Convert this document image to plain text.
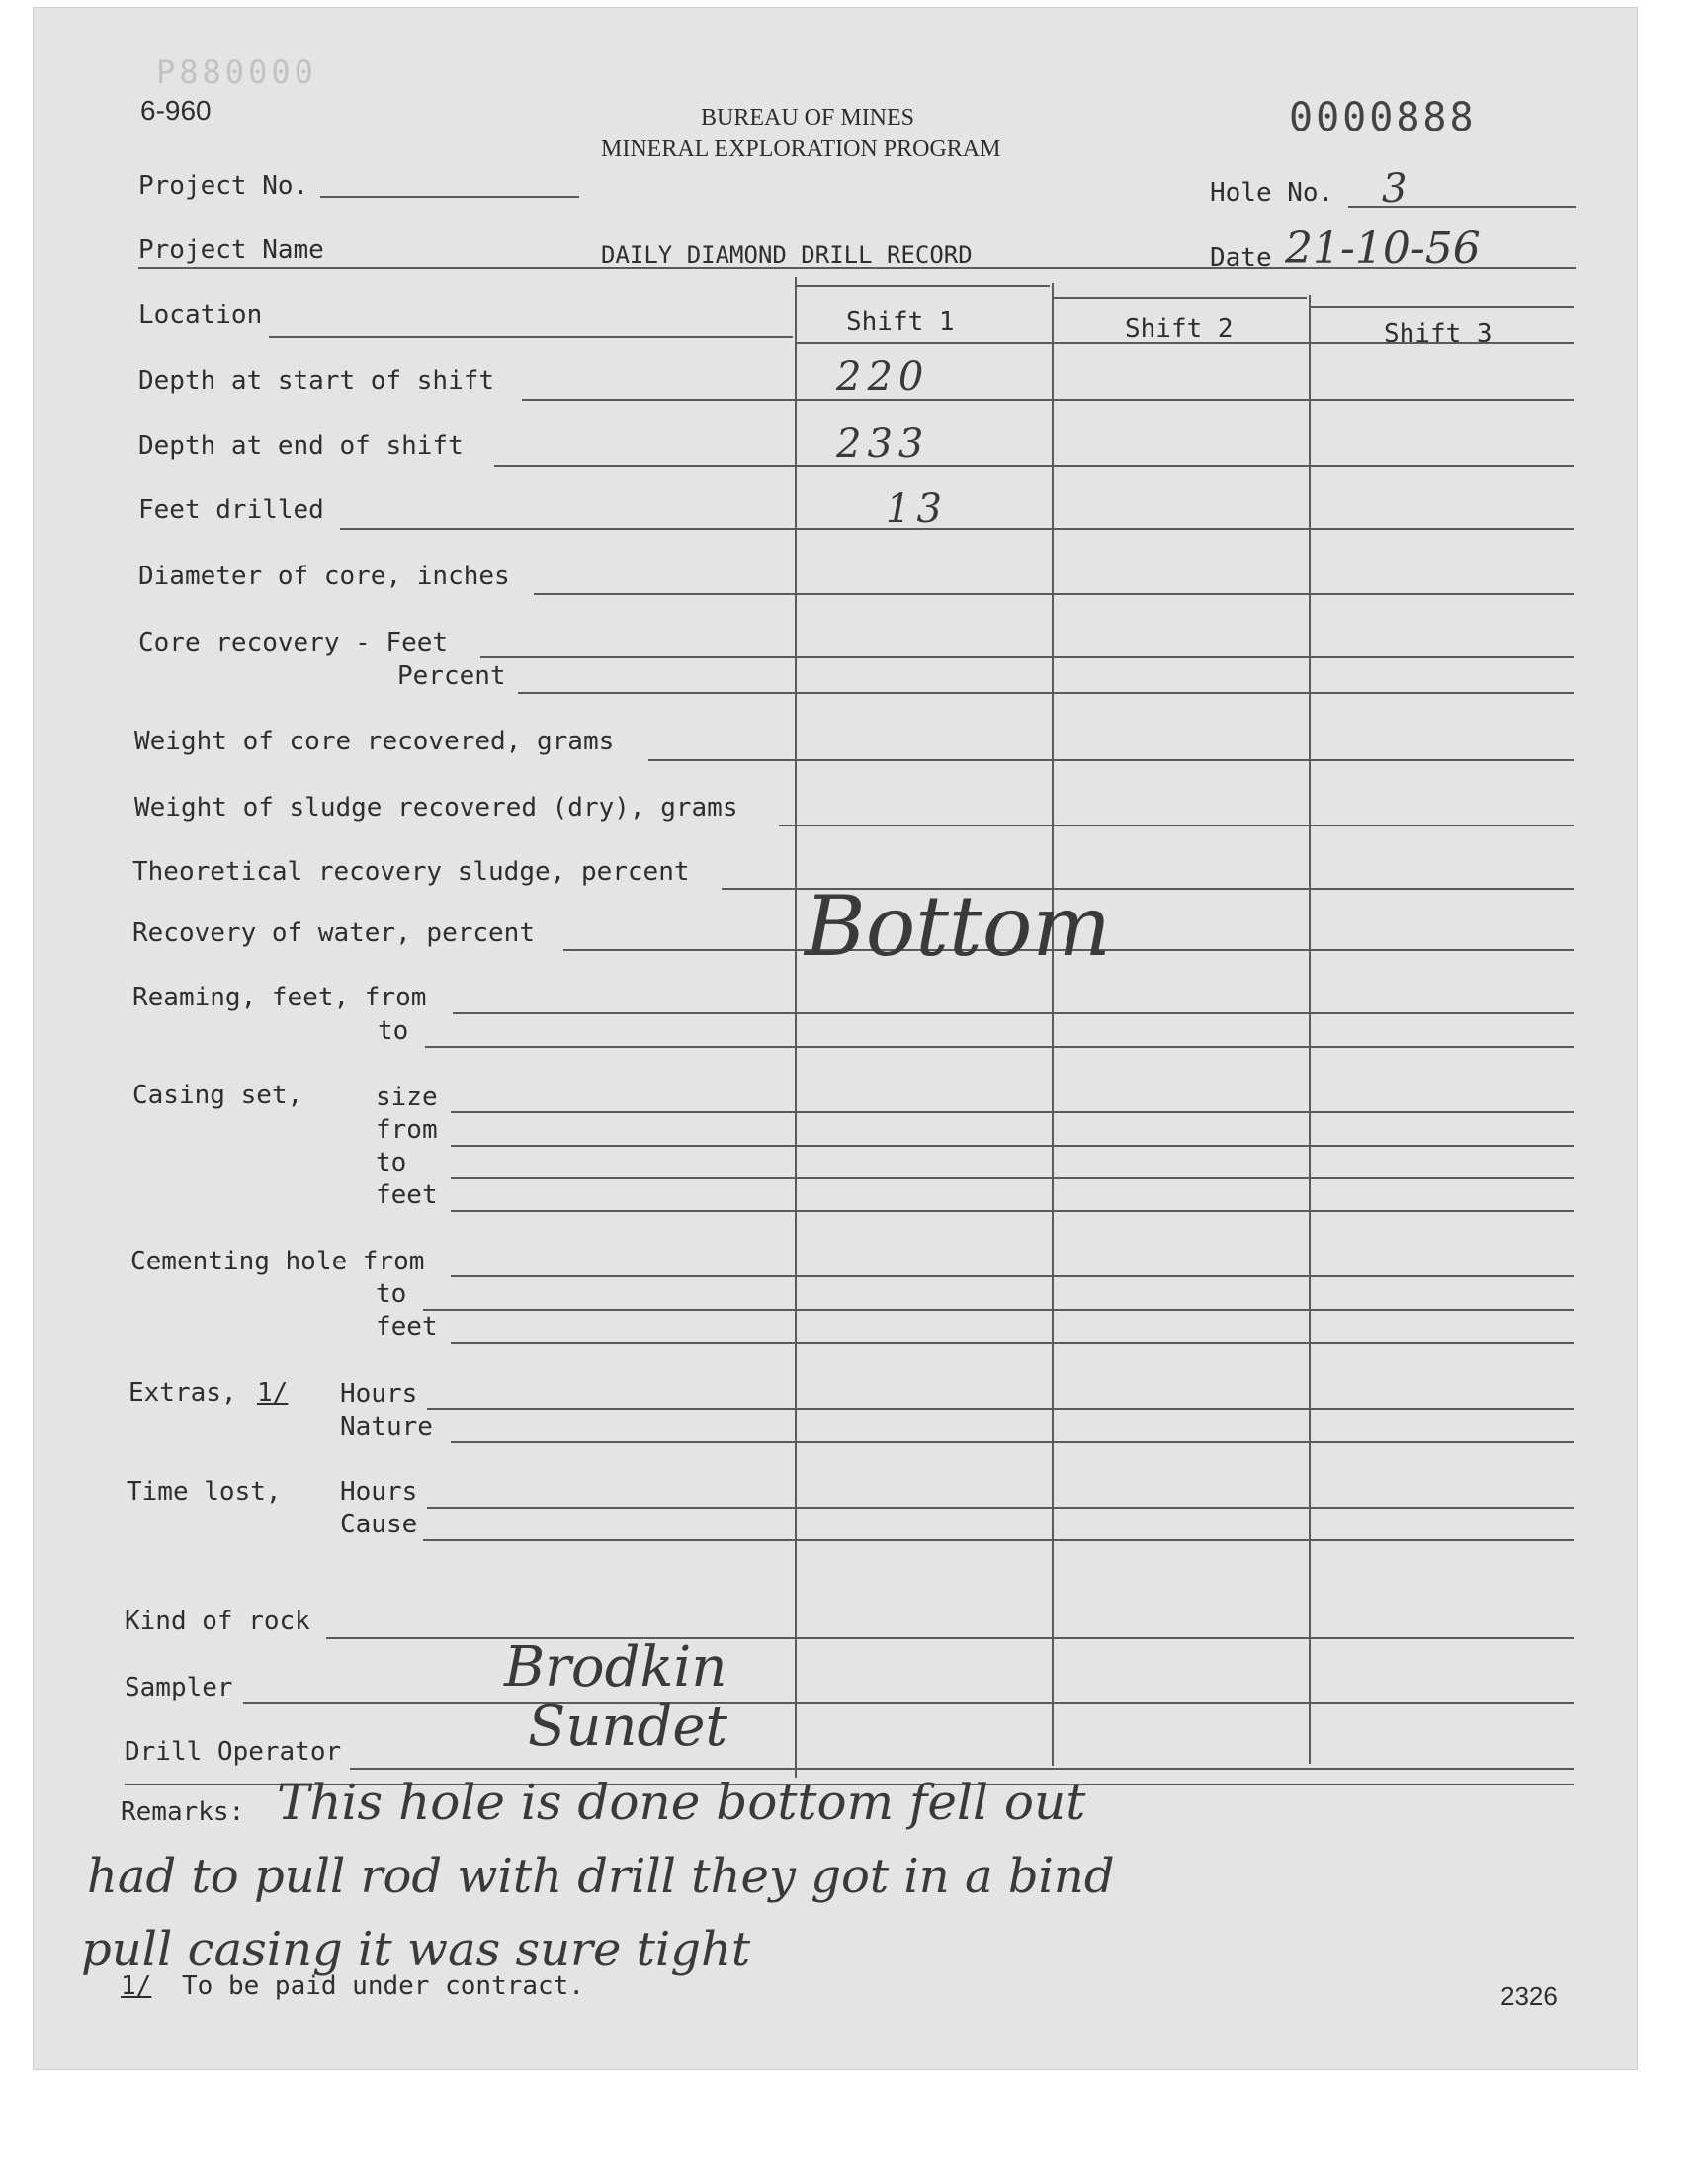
P880000
6-960	BUREAU OF MINES
MINERAL EXPLORATION PROGRAM
0000888
Project No.	Hole No. 3
Project Name	DAILY DIAMOND DRILL RECORD	Date 21-10-56
Shift 1	Shift 2	Shift 3
Location
Depth at start of shift	220
Depth at end of shift	233
Feet drilled	13
Diameter of core, inches
Core recovery - Feet
Percent
Weight of core recovered, grams
Weight of sludge recovered (dry), grams
Theoretical recovery sludge, percent
Recovery of water, percent	Bottom
Reaming, feet, from
to
Casing set,	size
from
to
feet
Cementing hole from
to
feet
Extras, 1/ Hours
Nature
Time lost, Hours
Cause
Kind of rock
Sampler	Brodkin
Drill Operator	Sundet
Remarks: This hole is done bottom fell out
had to pull rod with drill they got in a bind
pull casing it was sure tight
1/ To be paid under contract.	2326
